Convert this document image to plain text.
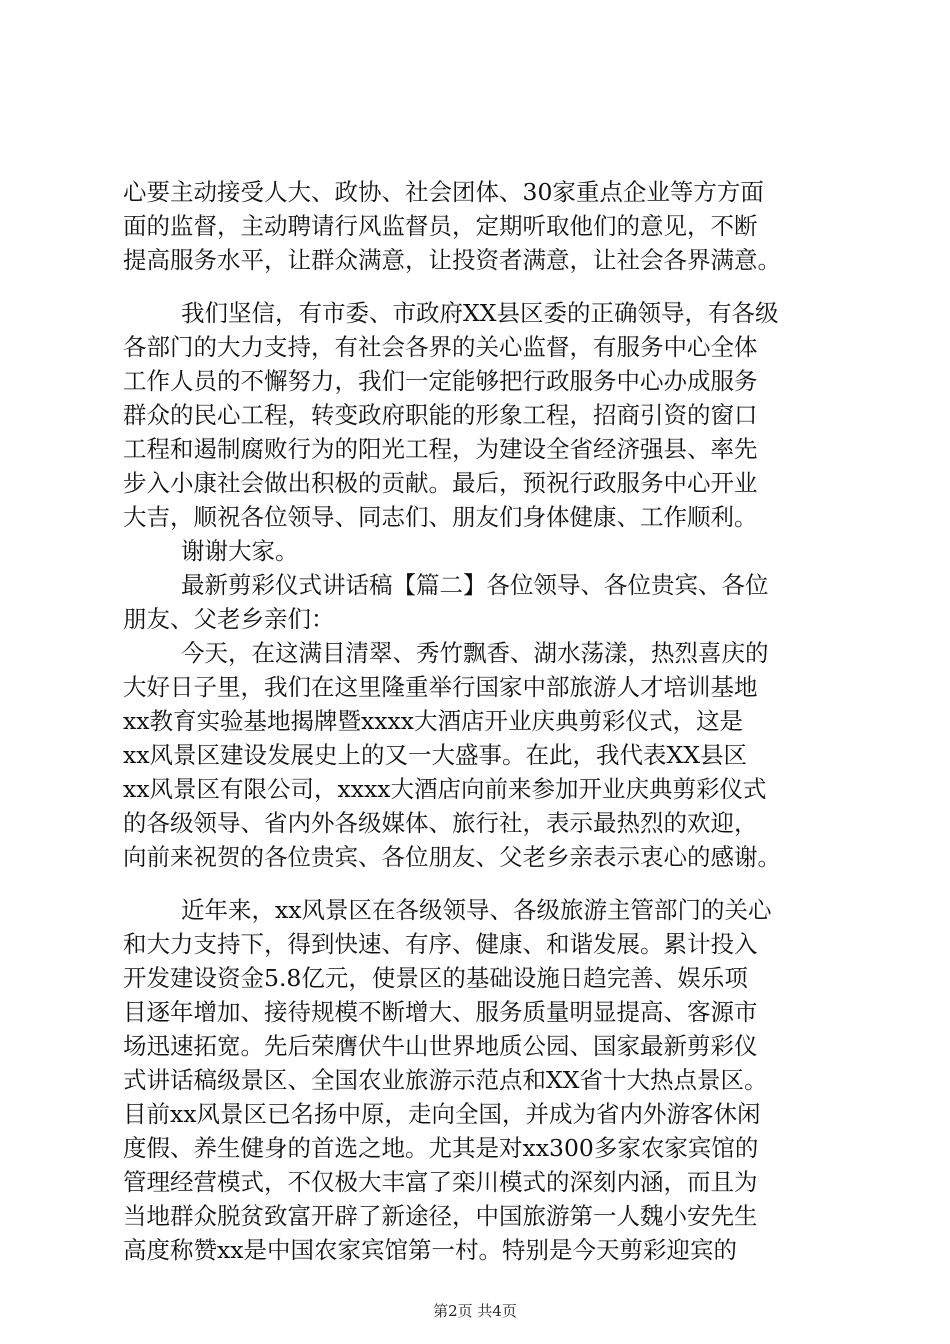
心要主动接受人大、政协、社会团体、30家重点企业等方方面
面的监督，主动聘请行风监督员，定期听取他们的意见，不断
提高服务水平，让群众满意，让投资者满意，让社会各界满意。
我们坚信，有市委、市政府XX县区委的正确领导，有各级
各部门的大力支持，有社会各界的关心监督，有服务中心全体
工作人员的不懈努力，我们一定能够把行政服务中心办成服务
群众的民心工程，转变政府职能的形象工程，招商引资的窗口
工程和遏制腐败行为的阳光工程，为建设全省经济强县、率先
步入小康社会做出积极的贡献。最后，预祝行政服务中心开业
大吉，顺祝各位领导、同志们、朋友们身体健康、工作顺利。
谢谢大家。
最新剪彩仪式讲话稿【篇二】各位领导、各位贵宾、各位
朋友、父老乡亲们：
今天，在这满目清翠、秀竹飘香、湖水荡漾，热烈喜庆的
大好日子里，我们在这里隆重举行国家中部旅游人才培训基地
xx教育实验基地揭牌暨xxxx大酒店开业庆典剪彩仪式，这是
xx风景区建设发展史上的又一大盛事。在此，我代表XX县区
xx风景区有限公司，xxxx大酒店向前来参加开业庆典剪彩仪式
的各级领导、省内外各级媒体、旅行社，表示最热烈的欢迎，
向前来祝贺的各位贵宾、各位朋友、父老乡亲表示衷心的感谢。
近年来，xx风景区在各级领导、各级旅游主管部门的关心
和大力支持下，得到快速、有序、健康、和谐发展。累计投入
开发建设资金5.8亿元，使景区的基础设施日趋完善、娱乐项
目逐年增加、接待规模不断增大、服务质量明显提高、客源市
场迅速拓宽。先后荣膺伏牛山世界地质公园、国家最新剪彩仪
式讲话稿级景区、全国农业旅游示范点和XX省十大热点景区。
目前xx风景区已名扬中原，走向全国，并成为省内外游客休闲
度假、养生健身的首选之地。尤其是对xx300多家农家宾馆的
管理经营模式，不仅极大丰富了栾川模式的深刻内涵，而且为
当地群众脱贫致富开辟了新途径，中国旅游第一人魏小安先生
高度称赞xx是中国农家宾馆第一村。特别是今天剪彩迎宾的
第2页 共4页
